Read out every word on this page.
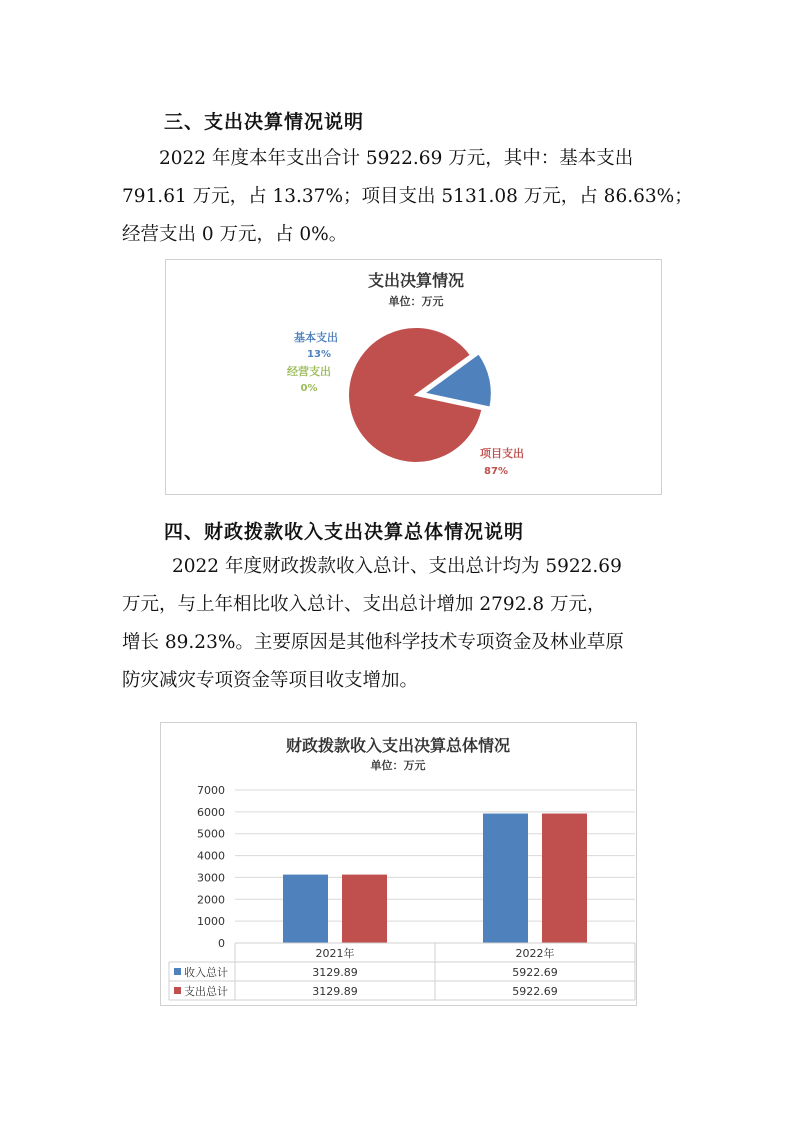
三、支出决算情况说明
2022 年度本年支出合计 5922.69 万元，其中：基本支出
791.61 万元，占 13.37%；项目支出 5131.08 万元，占 86.63%；
经营支出 0 万元，占 0%。
支出决算情况
单位：万元
基本支出
13%
经营支出
0%
项目支出
87%
四、财政拨款收入支出决算总体情况说明
2022 年度财政拨款收入总计、支出总计均为 5922.69
万元，与上年相比收入总计、支出总计增加 2792.8 万元，
增长 89.23%。主要原因是其他科学技术专项资金及林业草原
防灾减灾专项资金等项目收支增加。
财政拨款收入支出决算总体情况
单位：万元
0
1000
2000
3000
4000
5000
6000
7000
2021年	2022年
收入总计	3129.89	5922.69
支出总计	3129.89	5922.69
